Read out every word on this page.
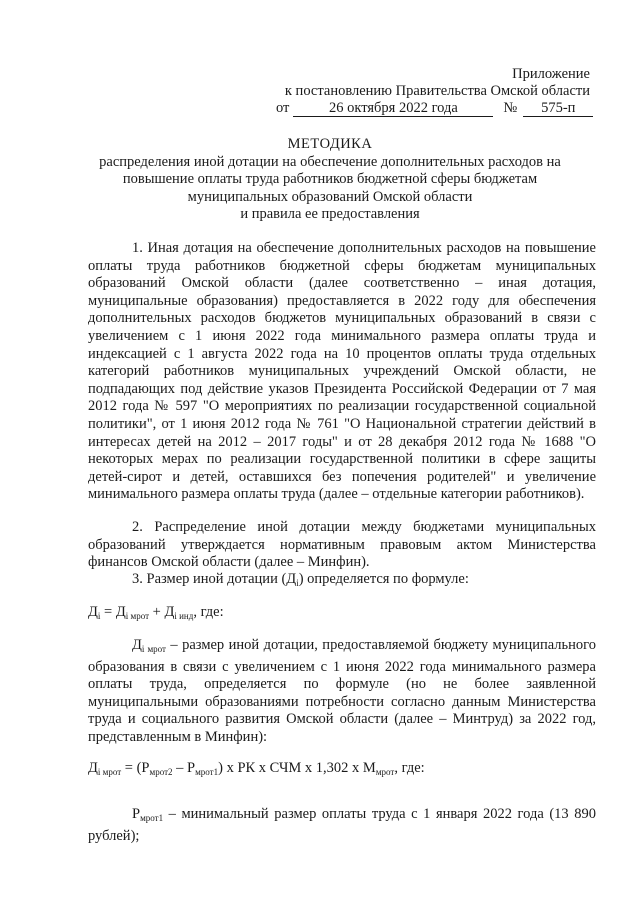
Приложение
к постановлению Правительства Омской области
от	26 октября 2022 года	№ 575-п
МЕТОДИКА
распределения иной дотации на обеспечение дополнительных расходов на
повышение оплаты труда работников бюджетной сферы бюджетам
муниципальных образований Омской области
и правила ее предоставления
1. Иная дотация на обеспечение дополнительных расходов на повышение оплаты труда работников бюджетной сферы бюджетам муниципальных образований Омской области (далее соответственно – иная дотация, муниципальные образования) предоставляется в 2022 году для обеспечения дополнительных расходов бюджетов муниципальных образований в связи с увеличением с 1 июня 2022 года минимального размера оплаты труда и индексацией с 1 августа 2022 года на 10 процентов оплаты труда отдельных категорий работников муниципальных учреждений Омской области, не подпадающих под действие указов Президента Российской Федерации от 7 мая 2012 года № 597 "О мероприятиях по реализации государственной социальной политики", от 1 июня 2012 года № 761 "О Национальной стратегии действий в интересах детей на 2012 – 2017 годы" и от 28 декабря 2012 года № 1688 "О некоторых мерах по реализации государственной политики в сфере защиты детей-сирот и детей, оставшихся без попечения родителей" и увеличение минимального размера оплаты труда (далее – отдельные категории работников).
2. Распределение иной дотации между бюджетами муниципальных образований утверждается нормативным правовым актом Министерства финансов Омской области (далее – Минфин).
3. Размер иной дотации $(Д_i)$ определяется по формуле:
$Д_i = Д_{i мрот} + Д_{i инд}$, где:
$Д_{i мрот}$ – размер иной дотации, предоставляемой бюджету муниципального образования в связи с увеличением с 1 июня 2022 года минимального размера оплаты труда, определяется по формуле (но не более заявленной муниципальными образованиями потребности согласно данным Министерства труда и социального развития Омской области (далее – Минтруд) за 2022 год, представленным в Минфин):
$Д_{i мрот} = (Р_{мрот2} - Р_{мрот1})$ х РК х СЧМ х 1,302 х $М_{мрот}$, где:
$Р_{мрот1}$ – минимальный размер оплаты труда с 1 января 2022 года (13 890 рублей);
